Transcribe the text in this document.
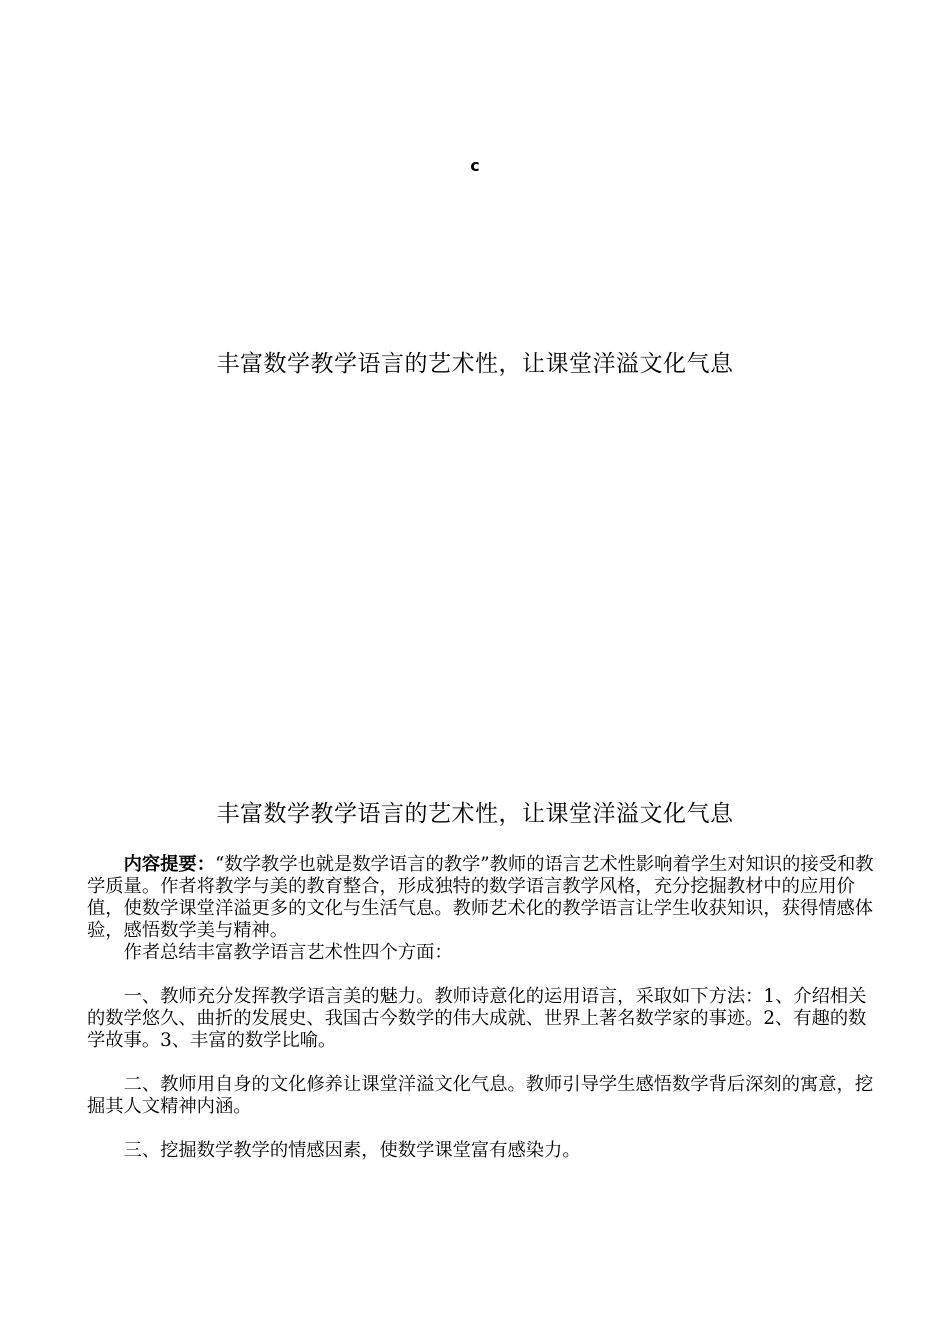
c
丰富数学教学语言的艺术性，让课堂洋溢文化气息
丰富数学教学语言的艺术性，让课堂洋溢文化气息

内容提要：“数学教学也就是数学语言的教学”教师的语言艺术性影响着学生对知识的接受和教学质量。作者将教学与美的教育整合，形成独特的数学语言教学风格，充分挖掘教材中的应用价值，使数学课堂洋溢更多的文化与生活气息。教师艺术化的教学语言让学生收获知识，获得情感体验，感悟数学美与精神。

作者总结丰富教学语言艺术性四个方面：

一、教师充分发挥教学语言美的魅力。教师诗意化的运用语言，采取如下方法：1、介绍相关的数学悠久、曲折的发展史、我国古今数学的伟大成就、世界上著名数学家的事迹。2、有趣的数学故事。3、丰富的数学比喻。

二、教师用自身的文化修养让课堂洋溢文化气息。教师引导学生感悟数学背后深刻的寓意，挖掘其人文精神内涵。

三、挖掘数学教学的情感因素，使数学课堂富有感染力。
